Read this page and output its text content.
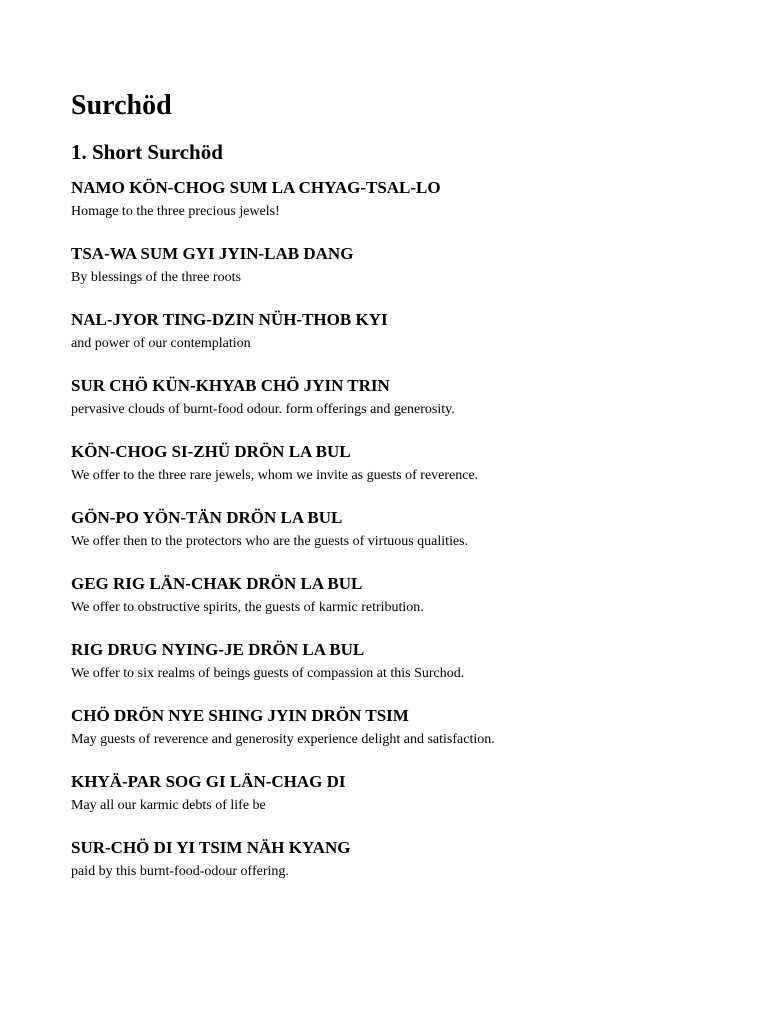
Surchöd
1. Short Surchöd
NAMO KÖN-CHOG SUM LA CHYAG-TSAL-LO
Homage to the three precious jewels!
TSA-WA SUM GYI JYIN-LAB DANG
By blessings of the three roots
NAL-JYOR TING-DZIN NÜH-THOB KYI
and power of our contemplation
SUR CHÖ KÜN-KHYAB CHÖ JYIN TRIN
pervasive clouds of burnt-food odour. form offerings and generosity.
KÖN-CHOG SI-ZHÜ DRÖN LA BUL
We offer to the three rare jewels, whom we invite as guests of reverence.
GÖN-PO YÖN-TÄN DRÖN LA BUL
We offer then to the protectors who are the guests of virtuous qualities.
GEG RIG LÄN-CHAK DRÖN LA BUL
We offer to obstructive spirits, the guests of karmic retribution.
RIG DRUG NYING-JE DRÖN LA BUL
We offer to six realms of beings guests of compassion at this Surchod.
CHÖ DRÖN NYE SHING JYIN DRÖN TSIM
May guests of reverence and generosity experience delight and satisfaction.
KHYÄ-PAR SOG GI LÄN-CHAG DI
May all our karmic debts of life be
SUR-CHÖ DI YI TSIM NÄH KYANG
paid by this burnt-food-odour offering.
